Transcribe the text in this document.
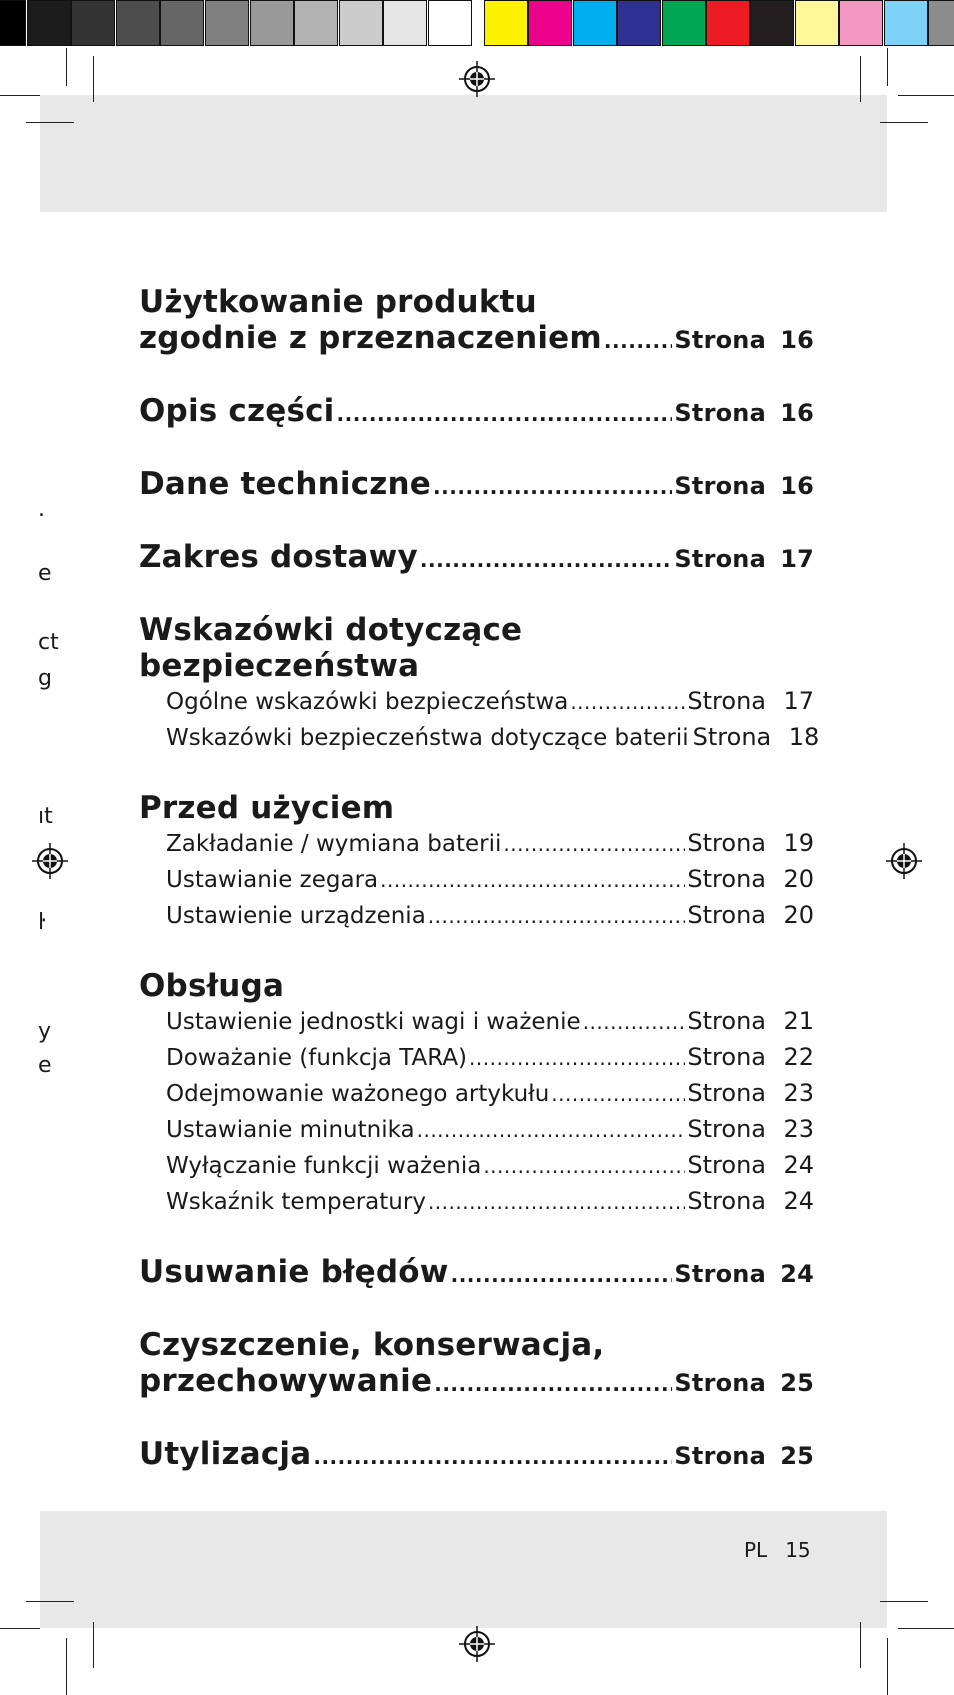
.
e
ct
g
ıt
ŀ
y
e
Użytkowanie produktu
zgodnie z przeznaczeniem .....	Strona 16
Opis części .....	Strona 16
Dane techniczne .....	Strona 16
Zakres dostawy .....	Strona 17
Wskazówki dotyczące
bezpieczeństwa
Ogólne wskazówki bezpieczeństwa .....	Strona 17
Wskazówki bezpieczeństwa dotyczące baterii Strona 18
Przed użyciem
Zakładanie / wymiana baterii .....	Strona 19
Ustawianie zegara .....	Strona 20
Ustawienie urządzenia .....	Strona 20
Obsługa
Ustawienie jednostki wagi i ważenie .....	Strona 21
Doważanie (funkcja TARA) .....	Strona 22
Odejmowanie ważonego artykułu .....	Strona 23
Ustawianie minutnika .....	Strona 23
Wyłączanie funkcji ważenia .....	Strona 24
Wskaźnik temperatury .....	Strona 24
Usuwanie błędów .....	Strona 24
Czyszczenie, konserwacja,
przechowywanie .....	Strona 25
Utylizacja .....	Strona 25
PL 15
